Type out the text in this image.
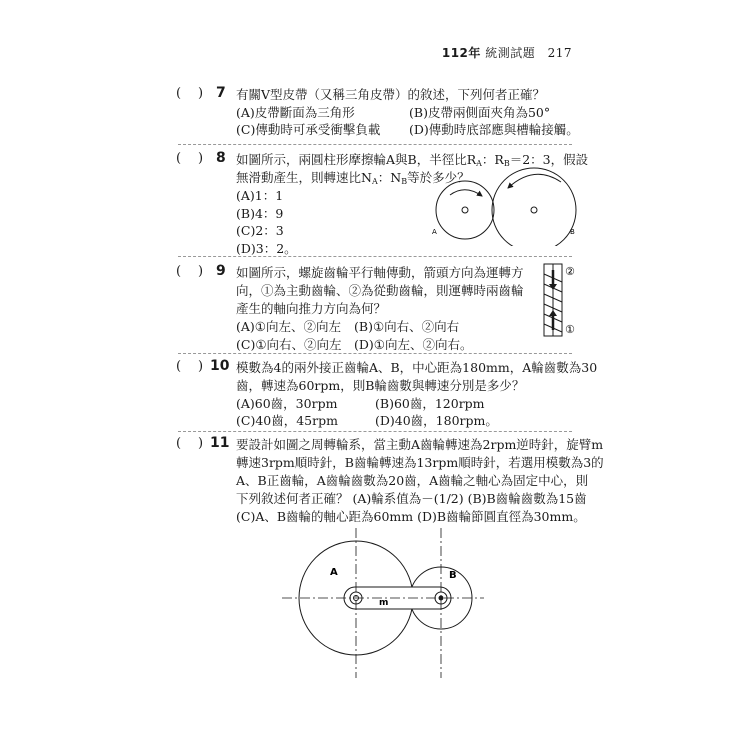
112年 統測試題 217
( ) 7 有關V型皮帶（又稱三角皮帶）的敘述，下列何者正確？
(A)皮帶斷面為三角形	(B)皮帶兩側面夾角為50°
(C)傳動時可承受衝擊負載 (D)傳動時底部應與槽輪接觸。
( ) 8 如圖所示，兩圓柱形摩擦輪A與B，半徑比$R_A$：$R_B=2$：3，假設
無滑動產生，則轉速比$N_A$：$N_B$等於多少？
(A)1：1
(B)4：9
(C)2：3
(D)3：2。
A	B
( ) 9 如圖所示，螺旋齒輪平行軸傳動，箭頭方向為運轉方
向，①為主動齒輪、②為從動齒輪，則運轉時兩齒輪
產生的軸向推力方向為何？
(A)①向左、②向左 (B)①向右、②向右
(C)①向右、②向左 (D)①向左、②向右。
②
①
( ) 10 模數為4的兩外接正齒輪A、B，中心距為180mm，A輪齒數為30
齒，轉速為60rpm，則B輪齒數與轉速分別是多少？
(A)60齒，30rpm	(B)60齒，120rpm
(C)40齒，45rpm	(D)40齒，180rpm。
( ) 11 要設計如圖之周轉輪系，當主動A齒輪轉速為2rpm逆時針，旋臂m
轉速3rpm順時針，B齒輪轉速為13rpm順時針，若選用模數為3的
A、B正齒輪，A齒輪齒數為20齒，A齒輪之軸心為固定中心，則
下列敘述何者正確？ (A)輪系值為－(1/2) (B)B齒輪齒數為15齒
(C)A、B齒輪的軸心距為60mm (D)B齒輪節圓直徑為30mm。
A	B
m
